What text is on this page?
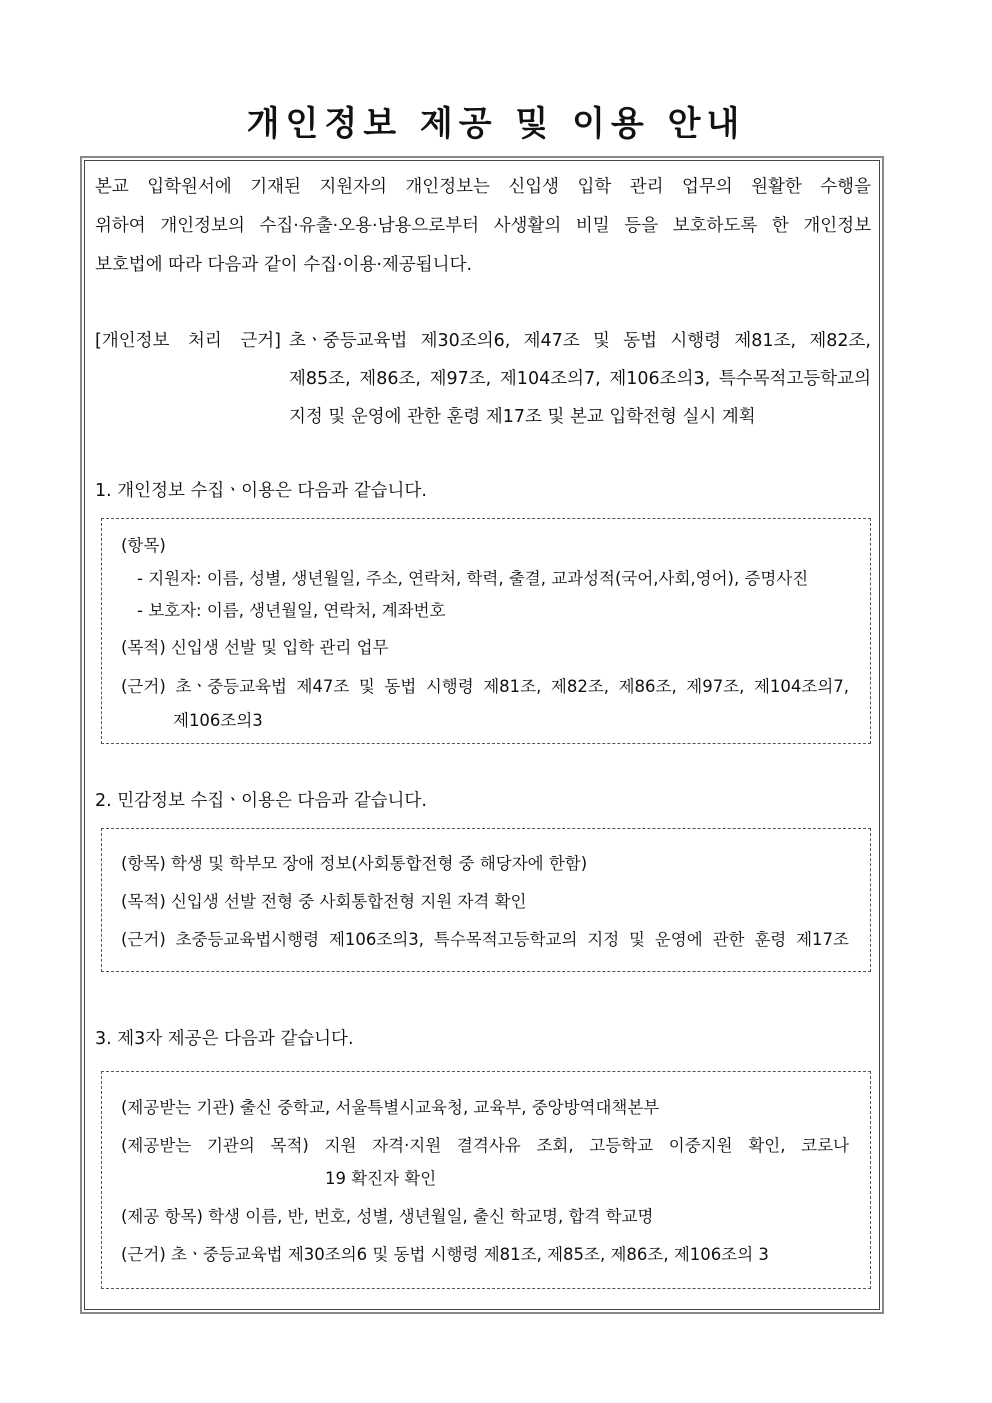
개인정보 제공 및 이용 안내
본교 입학원서에 기재된 지원자의 개인정보는 신입생 입학 관리 업무의 원활한 수행을
위하여 개인정보의 수집·유출·오용·남용으로부터 사생활의 비밀 등을 보호하도록 한 개인정보
보호법에 따라 다음과 같이 수집·이용·제공됩니다.
[개인정보 처리 근거] 초ㆍ중등교육법 제30조의6, 제47조 및 동법 시행령 제81조, 제82조,
제85조, 제86조, 제97조, 제104조의7, 제106조의3, 특수목적고등학교의
지정 및 운영에 관한 훈령 제17조 및 본교 입학전형 실시 계획
1. 개인정보 수집ㆍ이용은 다음과 같습니다.
(항목)
- 지원자: 이름, 성별, 생년월일, 주소, 연락처, 학력, 출결, 교과성적(국어,사회,영어), 증명사진
- 보호자: 이름, 생년월일, 연락처, 계좌번호
(목적) 신입생 선발 및 입학 관리 업무
(근거) 초ㆍ중등교육법 제47조 및 동법 시행령 제81조, 제82조, 제86조, 제97조, 제104조의7,
제106조의3
2. 민감정보 수집ㆍ이용은 다음과 같습니다.
(항목) 학생 및 학부모 장애 정보(사회통합전형 중 해당자에 한함)
(목적) 신입생 선발 전형 중 사회통합전형 지원 자격 확인
(근거) 초중등교육법시행령 제106조의3, 특수목적고등학교의 지정 및 운영에 관한 훈령 제17조
3. 제3자 제공은 다음과 같습니다.
(제공받는 기관) 출신 중학교, 서울특별시교육청, 교육부, 중앙방역대책본부
(제공받는 기관의 목적) 지원 자격·지원 결격사유 조회, 고등학교 이중지원 확인, 코로나
19 확진자 확인
(제공 항목) 학생 이름, 반, 번호, 성별, 생년월일, 출신 학교명, 합격 학교명
(근거) 초ㆍ중등교육법 제30조의6 및 동법 시행령 제81조, 제85조, 제86조, 제106조의 3
